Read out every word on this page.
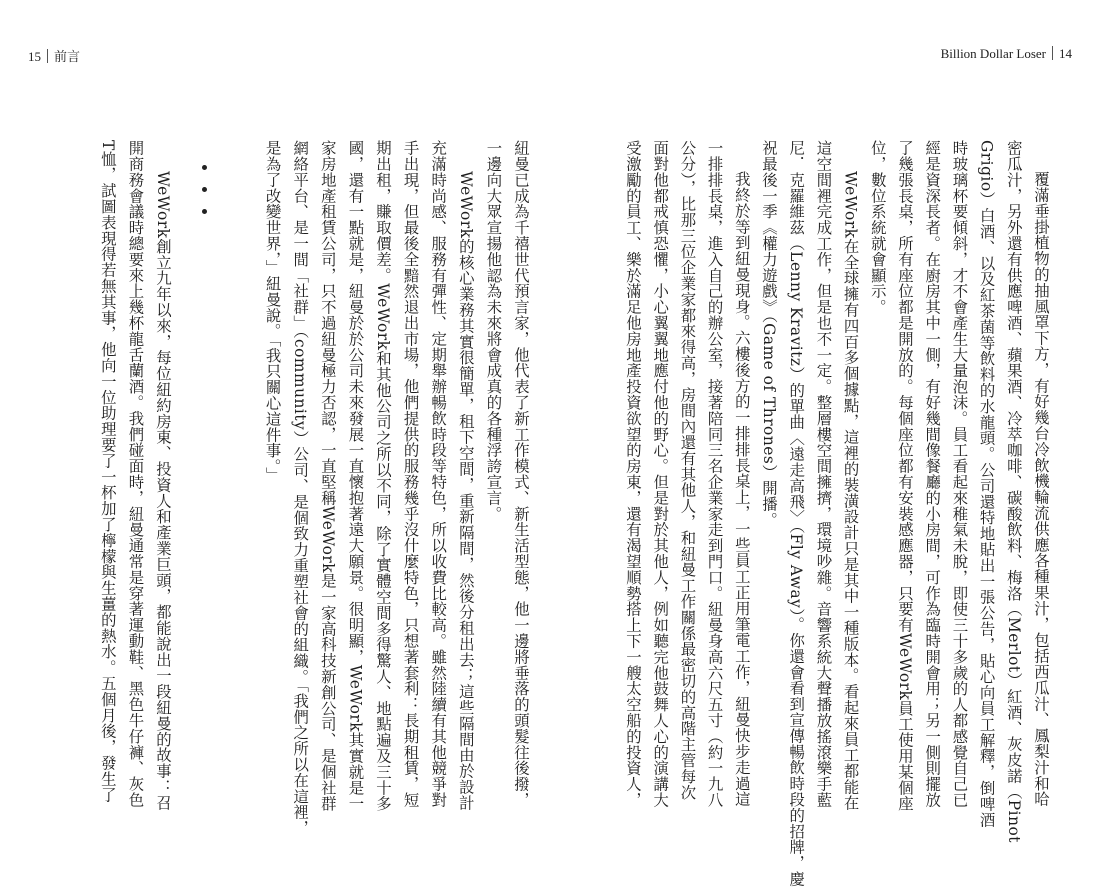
15 前言	Billion Dollar Loser 14
覆滿垂掛植物的抽風罩下方，有好幾台冷飲機輪流供應各種果汁，包括西瓜汁、鳳梨汁和哈
密瓜汁，另外還有供應啤酒、蘋果酒、冷萃咖啡、碳酸飲料、梅洛（Merlot）紅酒、灰皮諾（Pinot
Grigio）白酒、以及紅茶菌等飲料的水龍頭。公司還特地貼出一張公告，貼心向員工解釋，倒啤酒
時玻璃杯要傾斜，才不會產生大量泡沫。員工看起來稚氣未脫，即使三十多歲的人都感覺自己已
經是資深長者。在廚房其中一側，有好幾間像餐廳的小房間，可作為臨時開會用；另一側則擺放
了幾張長桌，所有座位都是開放的。每個座位都有安裝感應器，只要有WeWork員工使用某個座
位，數位系統就會顯示。
WeWork在全球擁有四百多個據點，這裡的裝潢設計只是其中一種版本。看起來員工都能在
這空間裡完成工作，但是也不一定。整層樓空間擁擠，環境吵雜。音響系統大聲播放搖滾樂手藍
尼．克羅維茲（Lenny Kravitz）的單曲〈遠走高飛〉（Fly Away）。你還會看到宣傳暢飲時段的招牌，慶
祝最後一季《權力遊戲》（Game of Thrones）開播。
我終於等到紐曼現身。六樓後方的一排排長桌上，一些員工正用筆電工作，紐曼快步走過這
一排排長桌，進入自己的辦公室，接著陪同三名企業家走到門口。紐曼身高六尺五寸（約一九八
公分），比那三位企業家都來得高，房間內還有其他人，和紐曼工作關係最密切的高階主管每次
面對他都戒慎恐懼，小心翼翼地應付他的野心。但是對於其他人，例如聽完他鼓舞人心的演講大
受激勵的員工、樂於滿足他房地產投資欲望的房東，還有渴望順勢搭上下一艘太空船的投資人，
紐曼已成為千禧世代預言家，他代表了新工作模式、新生活型態，他一邊將垂落的頭髮往後撥，
一邊向大眾宣揚他認為未來將會成真的各種浮誇宣言。
WeWork的核心業務其實很簡單，租下空間，重新隔間，然後分租出去；這些隔間由於設計
充滿時尚感、服務有彈性、定期舉辦暢飲時段等特色，所以收費比較高。雖然陸續有其他競爭對
手出現，但最後全黯然退出市場，他們提供的服務幾乎沒什麼特色，只想著套利：長期租賃，短
期出租，賺取價差。WeWork和其他公司之所以不同，除了實體空間多得驚人、地點遍及三十多
國，還有一點就是，紐曼於於公司未來發展一直懷抱著遠大願景。很明顯，WeWork其實就是一
家房地產租賃公司，只不過紐曼極力否認，一直堅稱WeWork是一家高科技新創公司、是個社群
網絡平台、是一間「社群」（community）公司、是個致力重塑社會的組織。「我們之所以在這裡，
是為了改變世界，」紐曼說。「我只關心這件事。」
WeWork創立九年以來，每位紐約房東、投資人和產業巨頭，都能說出一段紐曼的故事：召
開商務會議時總要來上幾杯龍舌蘭酒。我們碰面時，紐曼通常是穿著運動鞋、黑色牛仔褲、灰色
T恤，試圖表現得若無其事，他向一位助理要了一杯加了檸檬與生薑的熱水。五個月後，發生了
